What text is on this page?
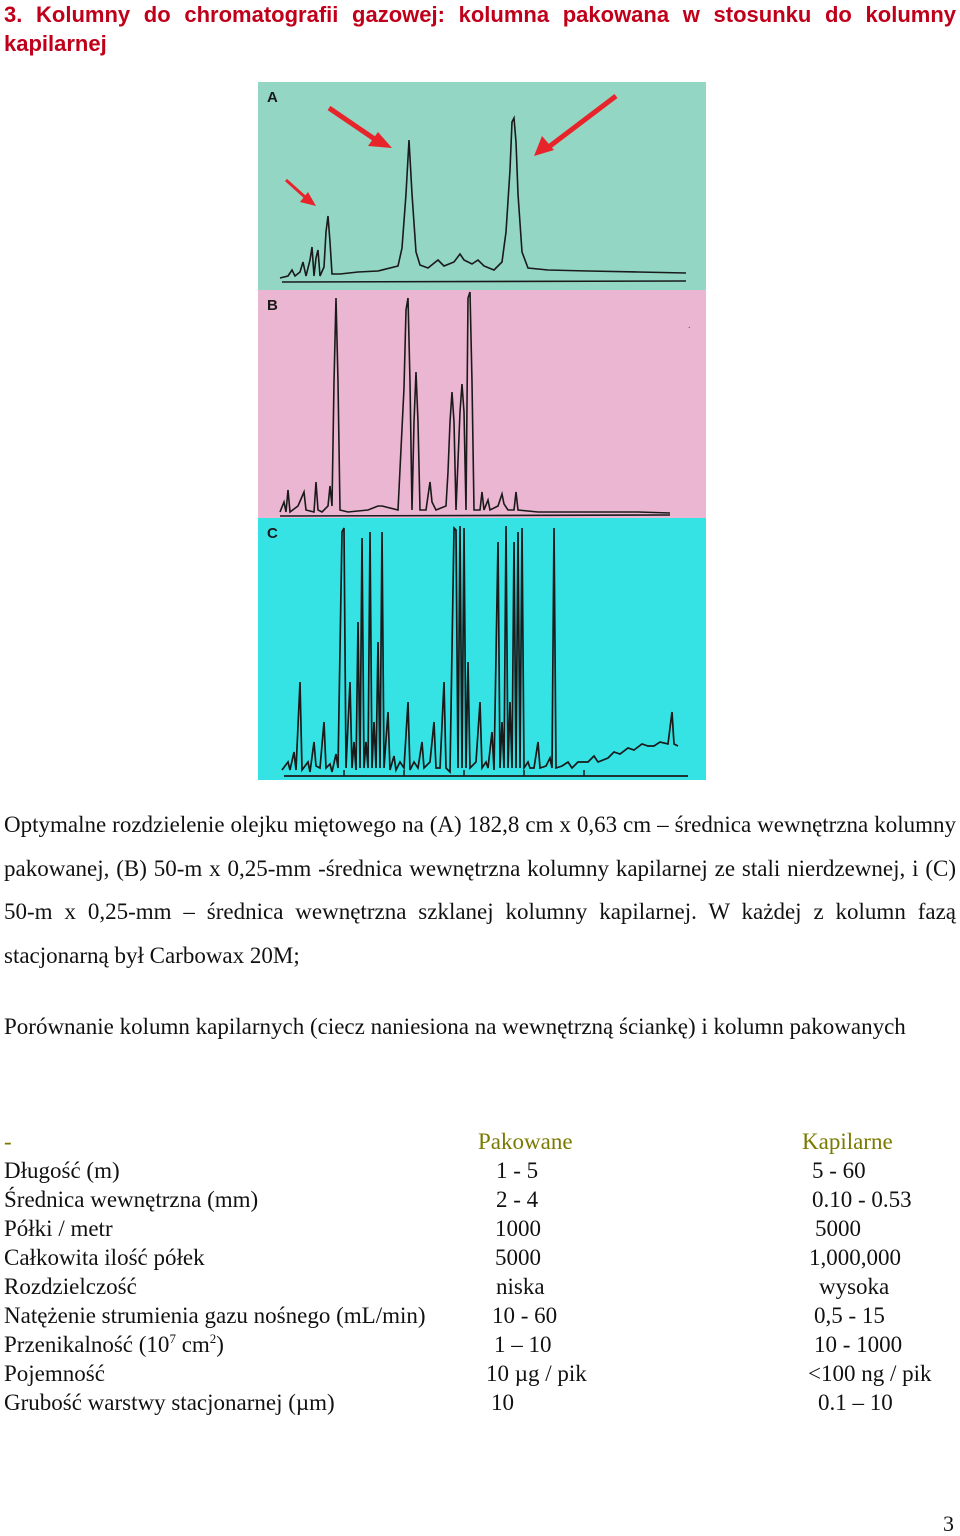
3. Kolumny do chromatografii gazowej: kolumna pakowana w stosunku do kolumny kapilarnej
A
B
C
.
Optymalne rozdzielenie olejku miętowego na (A) 182,8 cm x 0,63 cm – średnica wewnętrzna kolumny pakowanej, (B) 50-m x 0,25-mm -średnica wewnętrzna kolumny kapilarnej ze stali nierdzewnej, i (C) 50-m x 0,25-mm – średnica wewnętrzna szklanej kolumny kapilarnej. W każdej z kolumn fazą stacjonarną był Carbowax 20M;
Porównanie kolumn kapilarnych (ciecz naniesiona na wewnętrzną ściankę) i kolumn pakowanych
-	Pakowane	Kapilarne
Długość (m)	1 - 5	5 - 60
Średnica wewnętrzna (mm)	2 - 4	0.10 - 0.53
Półki / metr	1000	5000
Całkowita ilość półek	5000	1,000,000
Rozdzielczość	niska	wysoka
Natężenie strumienia gazu nośnego (mL/min)	10 - 60	0,5 - 15
Przenikalność ($10^7$ $cm^2$)	1 – 10	10 - 1000
Pojemność	10 µg / pik	<100 ng / pik
Grubość warstwy stacjonarnej (µm)	10	0.1 – 10
3
